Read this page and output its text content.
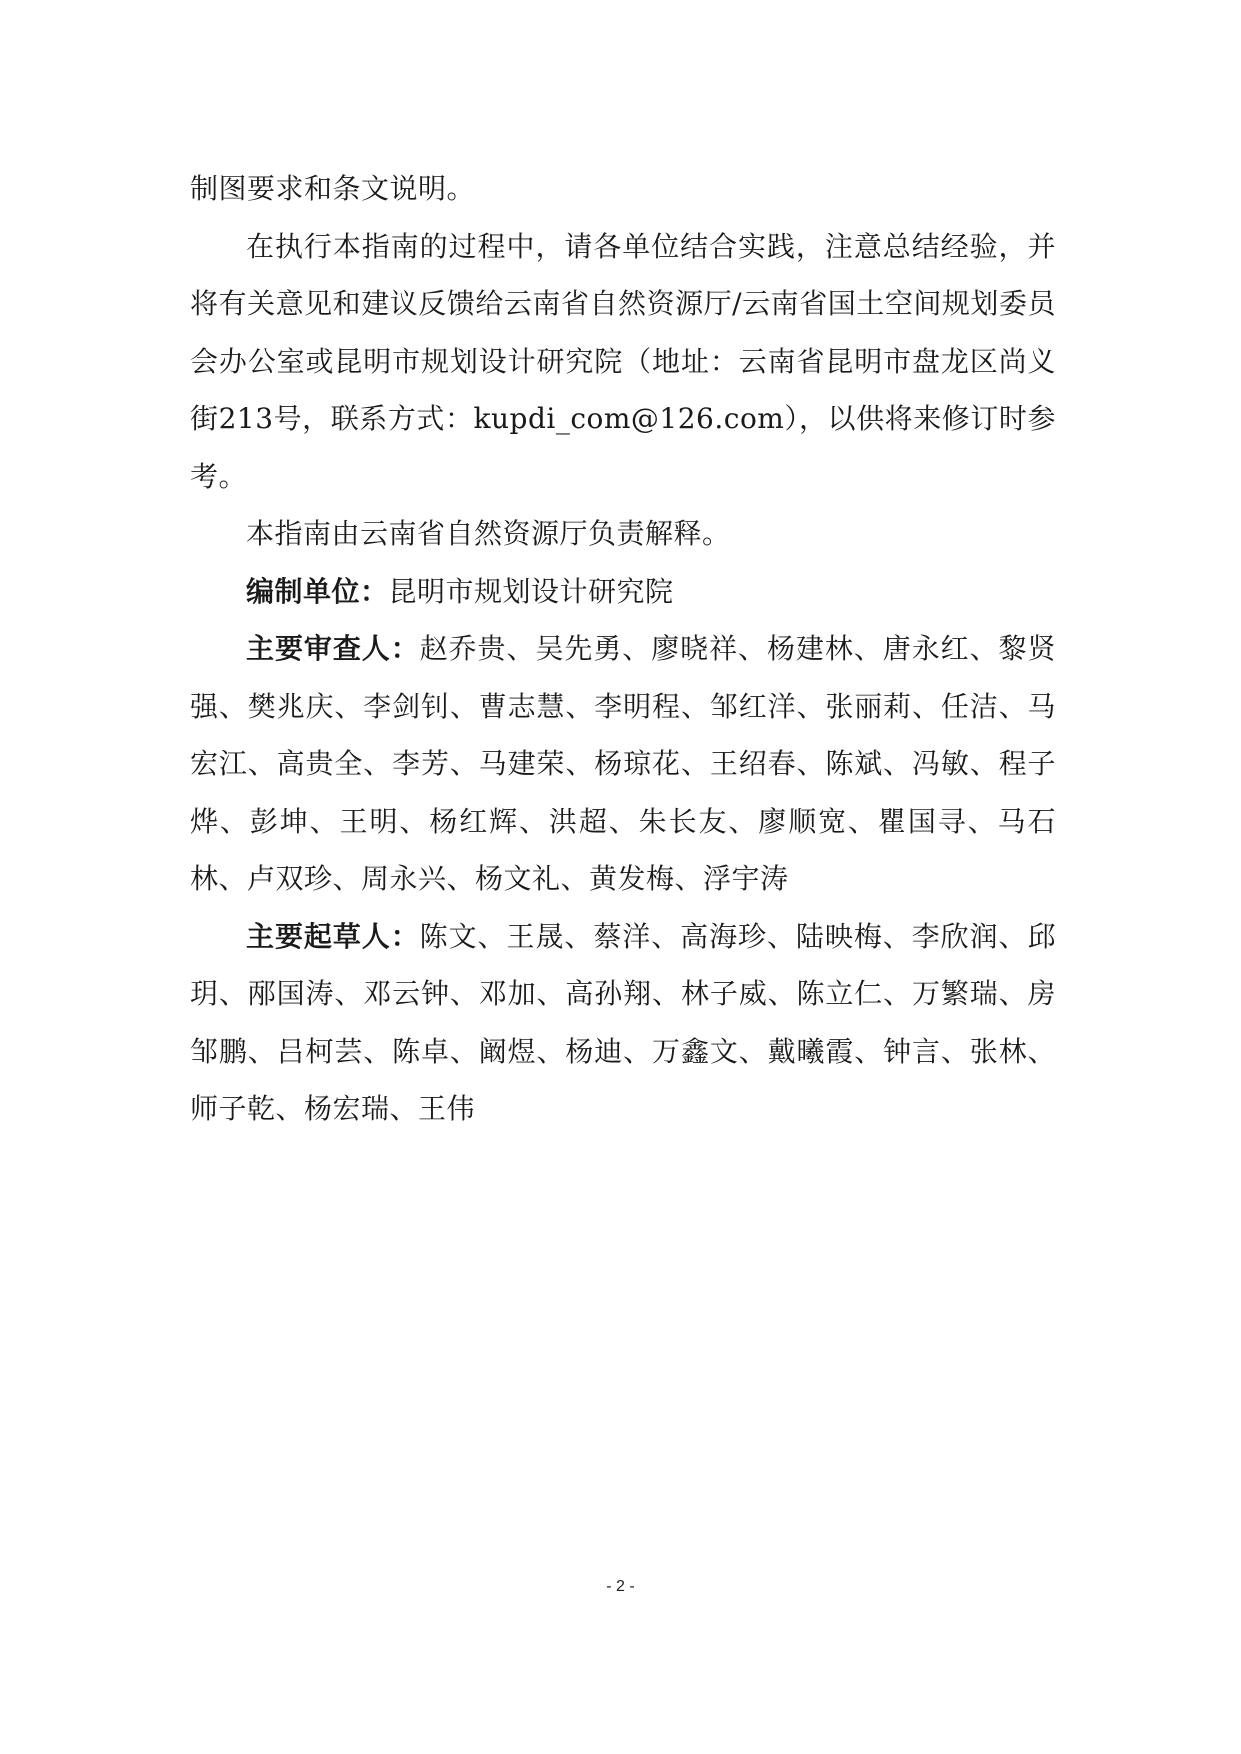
制图要求和条文说明。

在执行本指南的过程中，请各单位结合实践，注意总结经验，并将有关意见和建议反馈给云南省自然资源厅/云南省国土空间规划委员会办公室或昆明市规划设计研究院（地址：云南省昆明市盘龙区尚义街213号，联系方式：kupdi_com@126.com），以供将来修订时参考。

本指南由云南省自然资源厅负责解释。

编制单位：昆明市规划设计研究院

主要审查人：赵乔贵、吴先勇、廖晓祥、杨建林、唐永红、黎贤强、樊兆庆、李剑钊、曹志慧、李明程、邹红洋、张丽莉、任洁、马宏江、高贵全、李芳、马建荣、杨琼花、王绍春、陈斌、冯敏、程子烨、彭坤、王明、杨红辉、洪超、朱长友、廖顺宽、瞿国寻、马石林、卢双珍、周永兴、杨文礼、黄发梅、浮宇涛

主要起草人：陈文、王晟、蔡洋、高海珍、陆映梅、李欣润、邱玥、邴国涛、邓云钟、邓加、高孙翔、林子威、陈立仁、万繁瑞、房邹鹏、吕柯芸、陈卓、阚煜、杨迪、万鑫文、戴曦霞、钟言、张林、师子乾、杨宏瑞、王伟

- 2 -
